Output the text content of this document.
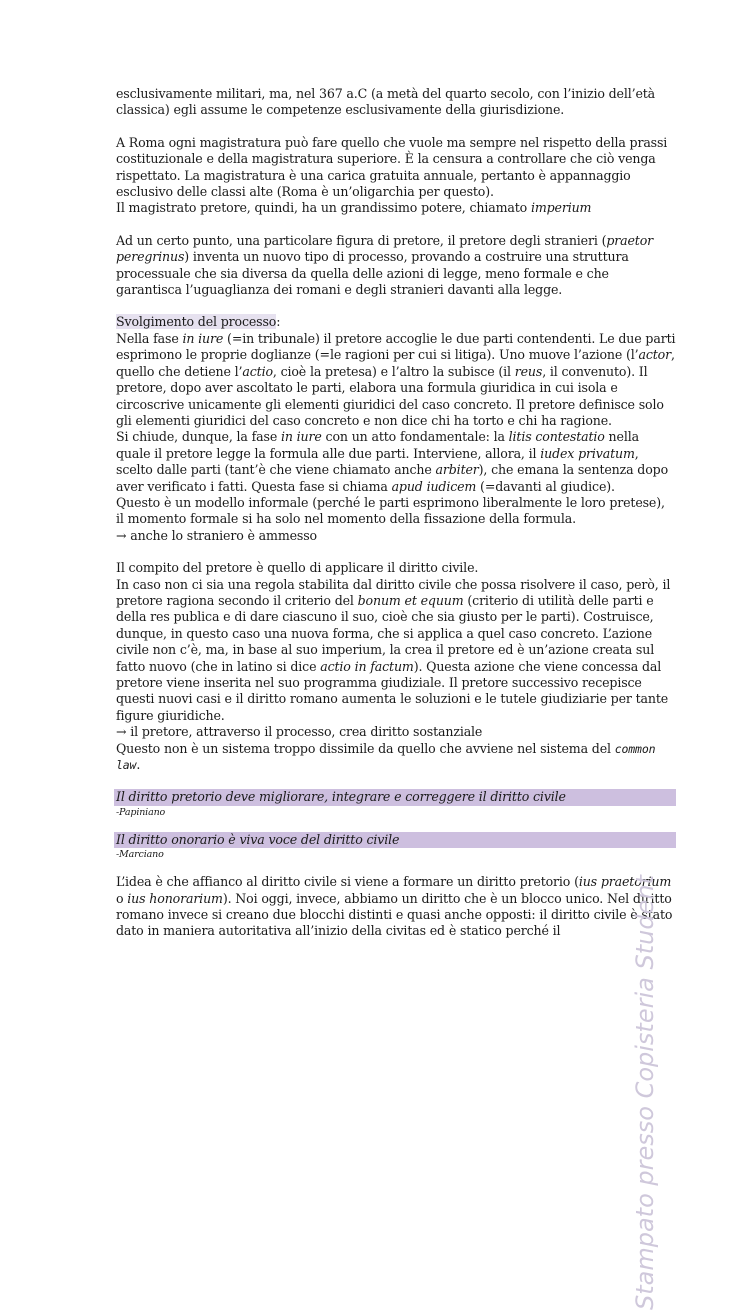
esclusivamente militari, ma, nel 367 a.C (a metà del quarto secolo, con l’inizio dell’età classica) egli assume le competenze esclusivamente della giurisdizione.

A Roma ogni magistratura può fare quello che vuole ma sempre nel rispetto della prassi costituzionale e della magistratura superiore. È la censura a controllare che ciò venga rispettato. La magistratura è una carica gratuita annuale, pertanto è appannaggio esclusivo delle classi alte (Roma è un’oligarchia per questo).

Il magistrato pretore, quindi, ha un grandissimo potere, chiamato imperium

Ad un certo punto, una particolare figura di pretore, il pretore degli stranieri (praetor peregrinus) inventa un nuovo tipo di processo, provando a costruire una struttura processuale che sia diversa da quella delle azioni di legge, meno formale e che garantisca l’uguaglianza dei romani e degli stranieri davanti alla legge.

Svolgimento del processo:

Nella fase in iure (=in tribunale) il pretore accoglie le due parti contendenti. Le due parti esprimono le proprie doglianze (=le ragioni per cui si litiga). Uno muove l’azione (l’actor, quello che detiene l’actio, cioè la pretesa) e l’altro la subisce (il reus, il convenuto). Il pretore, dopo aver ascoltato le parti, elabora una formula giuridica in cui isola e circoscrive unicamente gli elementi giuridici del caso concreto. Il pretore definisce solo gli elementi giuridici del caso concreto e non dice chi ha torto e chi ha ragione.

Si chiude, dunque, la fase in iure con un atto fondamentale: la litis contestatio nella quale il pretore legge la formula alle due parti. Interviene, allora, il iudex privatum, scelto dalle parti (tant’è che viene chiamato anche arbiter), che emana la sentenza dopo aver verificato i fatti. Questa fase si chiama apud iudicem (=davanti al giudice).

Questo è un modello informale (perché le parti esprimono liberalmente le loro pretese), il momento formale si ha solo nel momento della fissazione della formula.

→ anche lo straniero è ammesso

Il compito del pretore è quello di applicare il diritto civile.

In caso non ci sia una regola stabilita dal diritto civile che possa risolvere il caso, però, il pretore ragiona secondo il criterio del bonum et equum (criterio di utilità delle parti e della res publica e di dare ciascuno il suo, cioè che sia giusto per le parti). Costruisce, dunque, in questo caso una nuova forma, che si applica a quel caso concreto. L’azione civile non c’è, ma, in base al suo imperium, la crea il pretore ed è un’azione creata sul fatto nuovo (che in latino si dice actio in factum). Questa azione che viene concessa dal pretore viene inserita nel suo programma giudiziale. Il pretore successivo recepisce questi nuovi casi e il diritto romano aumenta le soluzioni e le tutele giudiziarie per tante figure giuridiche.

→ il pretore, attraverso il processo, crea diritto sostanziale

Questo non è un sistema troppo dissimile da quello che avviene nel sistema del common law.

Il diritto pretorio deve migliorare, integrare e correggere il diritto civile

-Papiniano

Il diritto onorario è viva voce del diritto civile

-Marciano

L’idea è che affianco al diritto civile si viene a formare un diritto pretorio (ius praetorium o ius honorarium). Noi oggi, invece, abbiamo un diritto che è un blocco unico. Nel diritto romano invece si creano due blocchi distinti e quasi anche opposti: il diritto civile è stato dato in maniera autoritativa all’inizio della civitas ed è statico perché il	Stampato presso Copisteria Student
